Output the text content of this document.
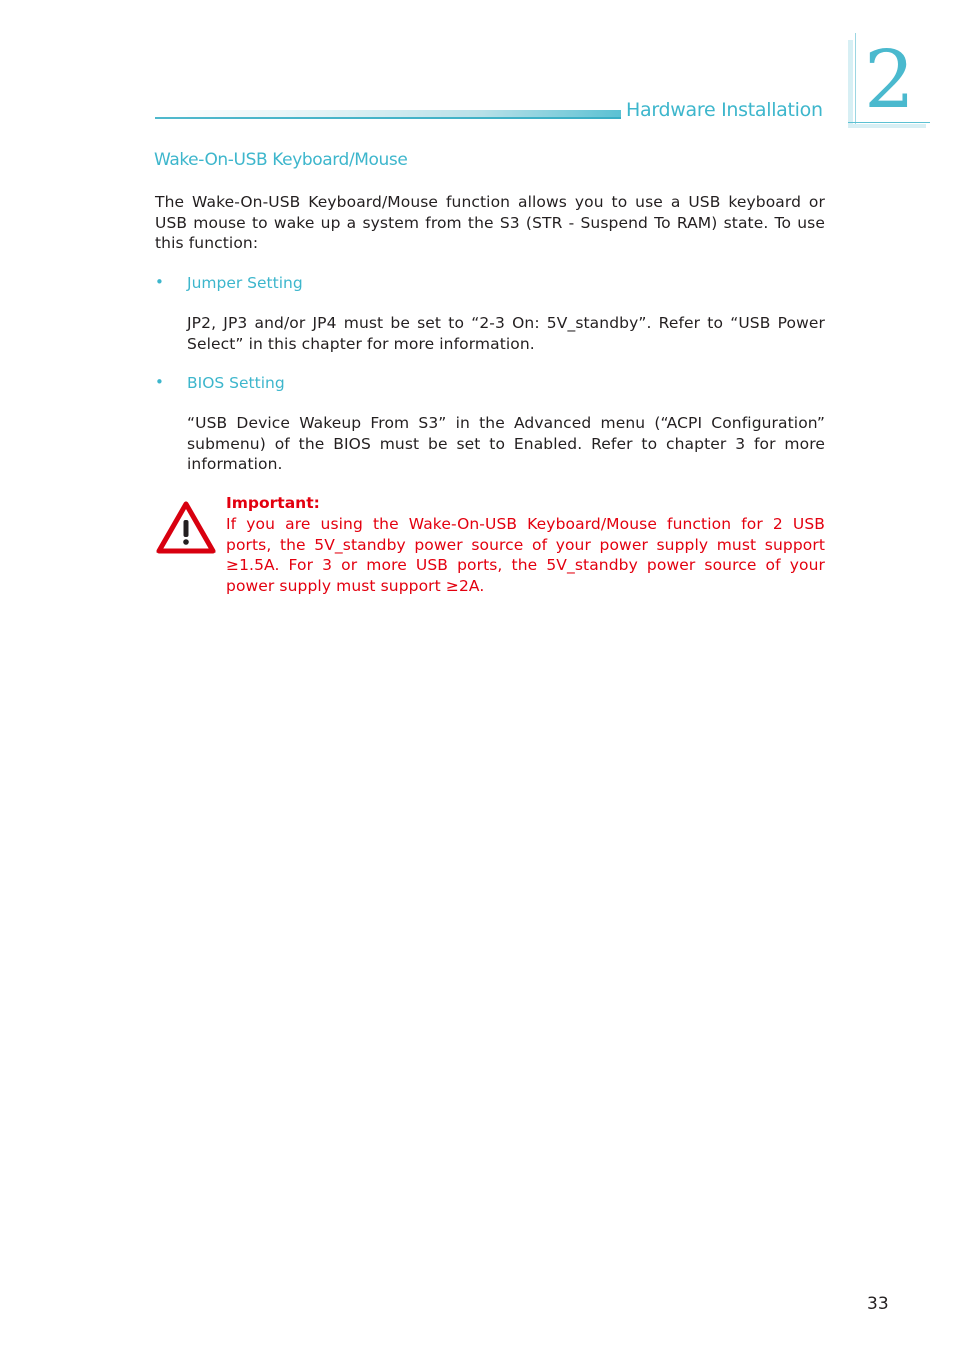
Hardware Installation 2
Wake-On-USB Keyboard/Mouse
The Wake-On-USB Keyboard/Mouse function allows you to use a USB keyboard or USB mouse to wake up a system from the S3 (STR - Suspend To RAM) state. To use this function:
• Jumper Setting
JP2, JP3 and/or JP4 must be set to “2-3 On: 5V_standby”. Refer to “USB Power Select” in this chapter for more information.
• BIOS Setting
“USB Device Wakeup From S3” in the Advanced menu (“ACPI Configuration” submenu) of the BIOS must be set to Enabled. Refer to chapter 3 for more information.
Important:
If you are using the Wake-On-USB Keyboard/Mouse function for 2 USB ports, the 5V_standby power source of your power supply must support ≥1.5A. For 3 or more USB ports, the 5V_standby power source of your power supply must support ≥2A.
33
